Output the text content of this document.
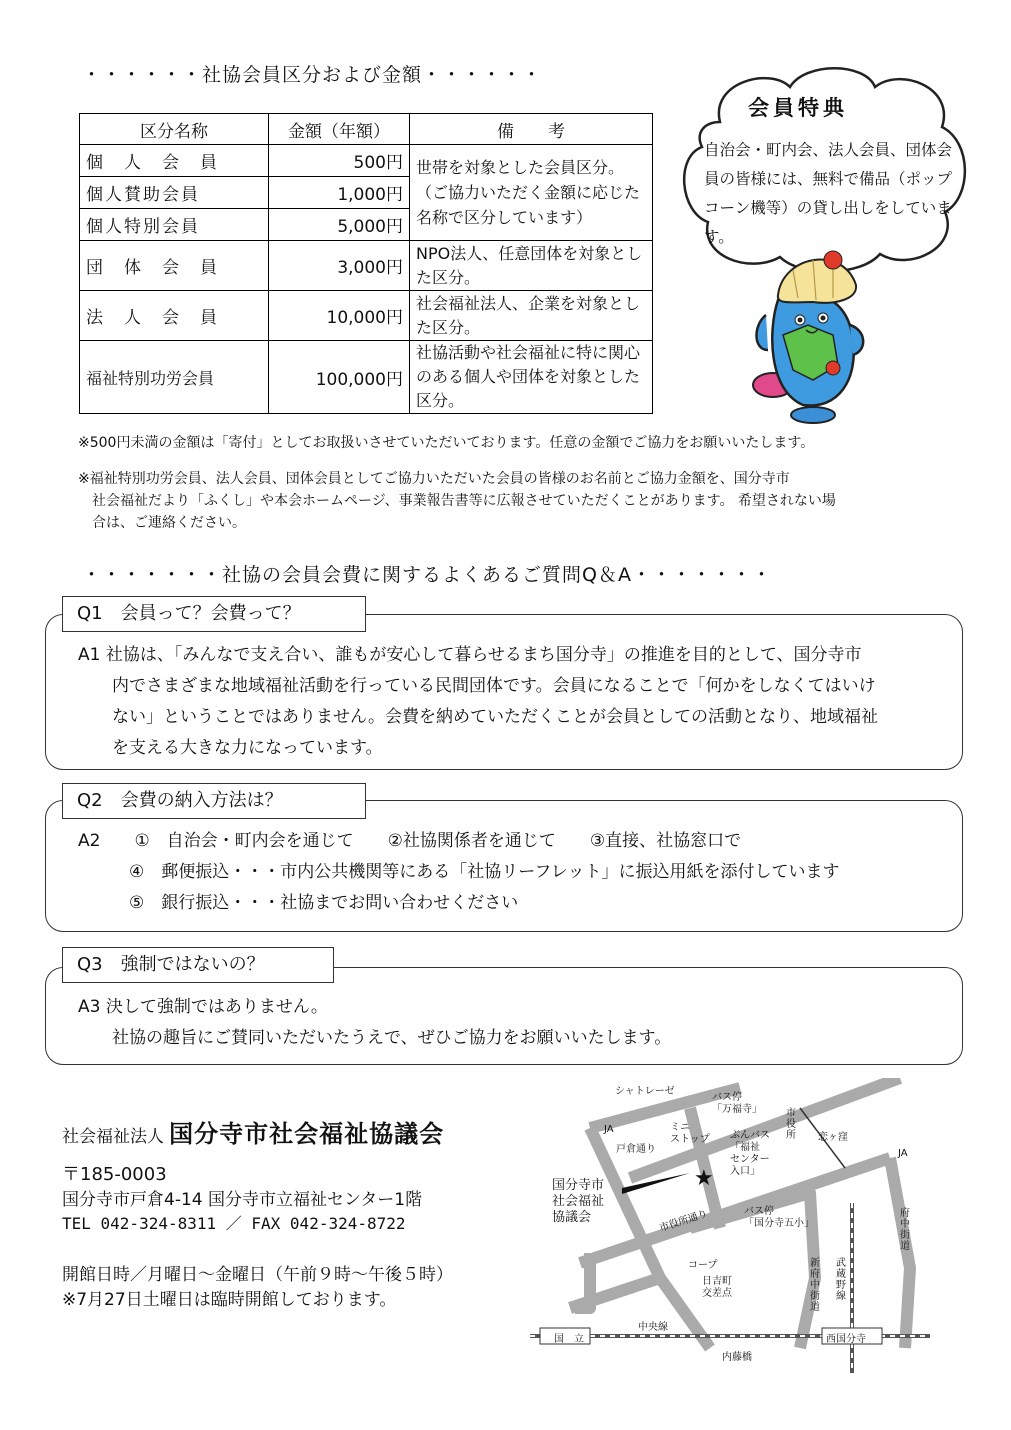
・・・・・・社協会員区分および金額・・・・・・
区分名称	金額（年額）	備　　考
個　人　会　員	500円	世帯を対象とした会員区分。（ご協力いただく金額に応じた名称で区分しています）
個人賛助会員	1,000円	
個人特別会員	5,000円	
団　体　会　員	3,000円	NPO法人、任意団体を対象とした区分。
法　人　会　員	10,000円	社会福祉法人、企業を対象とした区分。
福祉特別功労会員	100,000円	社協活動や社会福祉に特に関心のある個人や団体を対象とした区分。
会員特典
自治会・町内会、法人会員、団体会員の皆様には、無料で備品（ポップコーン機等）の貸し出しをしています。
※500円未満の金額は「寄付」としてお取扱いさせていただいております。任意の金額でご協力をお願いいたします。
※福祉特別功労会員、法人会員、団体会員としてご協力いただいた会員の皆様のお名前とご協力金額を、国分寺市
　社会福祉だより「ふくし」や本会ホームページ、事業報告書等に広報させていただくことがあります。 希望されない場
　合は、ご連絡ください。
・・・・・・・社協の会員会費に関するよくあるご質問Q＆A・・・・・・・
Q1　会員って？会費って？
A1 社協は、「みんなで支え合い、誰もが安心して暮らせるまち国分寺」の推進を目的として、国分寺市
　　内でさまざまな地域福祉活動を行っている民間団体です。会員になることで「何かをしなくてはいけ
　　ない」ということではありません。会費を納めていただくことが会員としての活動となり、地域福祉
　　を支える大きな力になっています。
Q2　会費の納入方法は？
A2　　①　自治会・町内会を通じて　　②社協関係者を通じて　　③直接、社協窓口で
　　　④　郵便振込・・・市内公共機関等にある「社協リーフレット」に振込用紙を添付しています
　　　⑤　銀行振込・・・社協までお問い合わせください
Q3　強制ではないの？
A3 決して強制ではありません。
　　社協の趣旨にご賛同いただいたうえで、ぜひご協力をお願いいたします。
社会福祉法人 国分寺市社会福祉協議会
〒185‐0003
国分寺市戸倉4-14 国分寺市立福祉センター1階
TEL 042-324-8311 ／ FAX 042-324-8722
開館日時／月曜日～金曜日（午前９時～午後５時）
※7月27日土曜日は臨時開館しております。
★
シャトレーゼ
バス停
「万福寺」
JA
戸倉通り
ミニ
ストップ
市
役
所 恋ヶ窪
ぶんバス
「福祉
センター
入口」
JA
国分寺市
社会福祉
協議会	市役所通り	バス停
「国分寺五小」
コープ
日吉町
交差点
新
府
中
街
道
武
蔵
野
線
府
中
街
道
国　立
中央線
内藤橋
西国分寺
